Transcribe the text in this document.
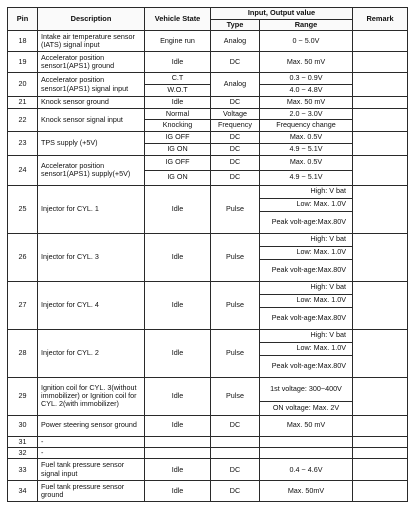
Pin	Description	Vehicle State	Input, Output value		Remark
			Type	Range	
18	Intake air temperature sensor (IATS) signal input	Engine run	Analog	0 ~ 5.0V	
19	Accelerator position sensor1(APS1) ground	Idle	DC	Max. 50 mV	
20	Accelerator position sensor1(APS1) signal input	C.T	Analog	0.3 ~ 0.9V	
		W.O.T		4.0 ~ 4.8V	
21	Knock sensor ground	Idle	DC	Max. 50 mV	
22	Knock sensor signal input	Normal	Voltage	2.0 ~ 3.0V	
		Knocking	Frequency	Frequency change	
23	TPS supply (+5V)	IG OFF	DC	Max. 0.5V	
		IG ON	DC	4.9 ~ 5.1V	
24	Accelerator position sensor1(APS1) supply(+5V)	IG OFF	DC	Max. 0.5V	
		IG ON	DC	4.9 ~ 5.1V	
25	Injector for CYL. 1	Idle	Pulse	High: V bat	
				Low: Max. 1.0V	
				Peak volt-age:Max.80V	
26	Injector for CYL. 3	Idle	Pulse	High: V bat	
				Low: Max. 1.0V	
				Peak volt-age:Max.80V	
27	Injector for CYL. 4	Idle	Pulse	High: V bat	
				Low: Max. 1.0V	
				Peak volt-age:Max.80V	
28	Injector for CYL. 2	Idle	Pulse	High: V bat	
				Low: Max. 1.0V	
				Peak volt-age:Max.80V	
29	Ignition coil for CYL. 3(without immobilizer) or Ignition coil for CYL. 2(with immobilizer)	Idle	Pulse	1st voltage: 300~400V	
				ON voltage: Max. 2V	
30	Power steering sensor ground	Idle	DC	Max. 50 mV	
31	-				
32	-				
33	Fuel tank pressure sensor signal input	Idle	DC	0.4 ~ 4.6V	
34	Fuel tank pressure sensor ground	Idle	DC	Max. 50mV	
